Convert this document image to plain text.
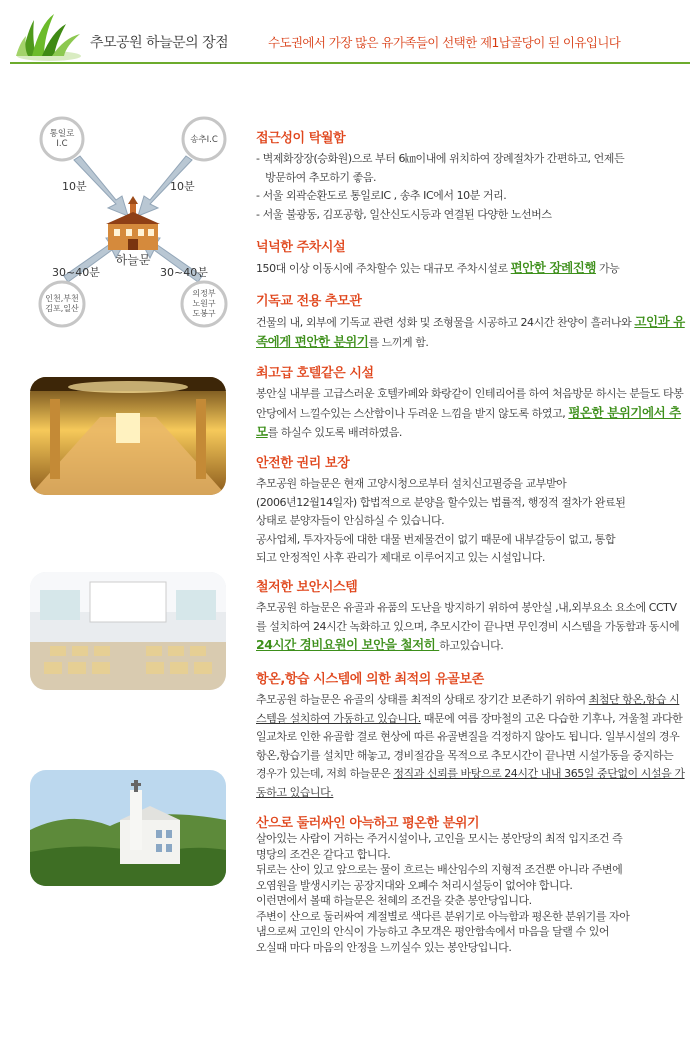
추모공원 하늘문의 장점	수도권에서 가장 많은 유가족들이 선택한 제1납골당이 된 이유입니다
통일로
I.C	송추I.C
인천,부천
김포,일산
의정부
노원구
도봉구
10분	10분
30~40분	30~40분
하늘문
접근성이 탁월함

- 벽제화장장(승화원)으로 부터 6㎞이내에 위치하여 장례절차가 간편하고, 언제든

방문하여 추모하기 좋음.

- 서울 외곽순환도로 통일로IC , 송추 IC에서 10분 거리.

- 서울 불광동, 김포공항, 일산신도시등과 연결된 다양한 노선버스

넉넉한 주차시설

150대 이상 이동시에 주차할수 있는 대규모 주차시설로 편안한 장례진행 가능

기독교 전용 추모관

건물의 내, 외부에 기독교 관련 성화 및 조형물을 시공하고 24시간 찬양이 흘러나와 고인과 유족에게 편안한 분위기를 느끼게 함.

최고급 호텔같은 시설

봉안실 내부를 고급스러운 호텔카페와 화랑같이 인테리어를 하여 처음방문 하시는 분들도 타봉안당에서 느낄수있는 스산함이나 두려운 느낌을 받지 않도록 하였고, 평온한 분위기에서 추모를 하실수 있도록 배려하였음.

안전한 권리 보장

추모공원 하늘문은 현재 고양시청으로부터 설치신고필증을 교부받아

(2006년12월14일자) 합법적으로 분양을 할수있는 법률적, 행정적 절차가 완료된

상태로 분양자들이 안심하실 수 있습니다.

공사업체, 투자자등에 대한 대물 번제물건이 없기 때문에 내부갈등이 없고, 통합

되고 안정적인 사후 관리가 제대로 이루어지고 있는 시설입니다.

철저한 보안시스템

추모공원 하늘문은 유골과 유품의 도난을 방지하기 위하여 봉안실 ,내,외부요소 요소에 CCTV를 설치하여 24시간 녹화하고 있으며, 추모시간이 끝나면 무인경비 시스템을 가동함과 동시에 24시간 경비요원이 보안을 철저히 하고있습니다.

항온,항습 시스템에 의한 최적의 유골보존

추모공원 하늘문은 유골의 상태를 최적의 상태로 장기간 보존하기 위하여 최첨단 항온,항습 시스템을 설치하여 가동하고 있습니다. 때문에 여름 장마철의 고온 다습한 기후나, 겨울철 과다한 일교차로 인한 유골함 결로 현상에 따른 유골변질을 걱정하지 않아도 됩니다. 일부시설의 경우 항온,항습기를 설치만 해놓고, 경비절감을 목적으로 추모시간이 끝나면 시설가동을 중지하는 경우가 있는데, 저희 하늘문은 정직과 신뢰를 바탕으로 24시간 내내 365일 중단없이 시설을 가동하고 있습니다.

산으로 둘러싸인 아늑하고 평온한 분위기

살아있는 사람이 거하는 주거시설이나, 고인을 모시는 봉안당의 최적 입지조건 즉

명당의 조건은 같다고 합니다.

뒤로는 산이 있고 앞으로는 물이 흐르는 배산임수의 지형적 조건뿐 아니라 주변에

오염원을 발생시키는 공장지대와 오폐수 처리시설등이 없어야 합니다.

이런면에서 볼때 하늘문은 천혜의 조건을 갖춘 봉안당입니다.

주변이 산으로 둘러싸여 계절별로 색다른 분위기로 아늑함과 평온한 분위기를 자아

냄으로써 고인의 안식이 가능하고 추모객은 평안함속에서 마음을 달랠 수 있어

오실때 마다 마음의 안정을 느끼실수 있는 봉안당입니다.
